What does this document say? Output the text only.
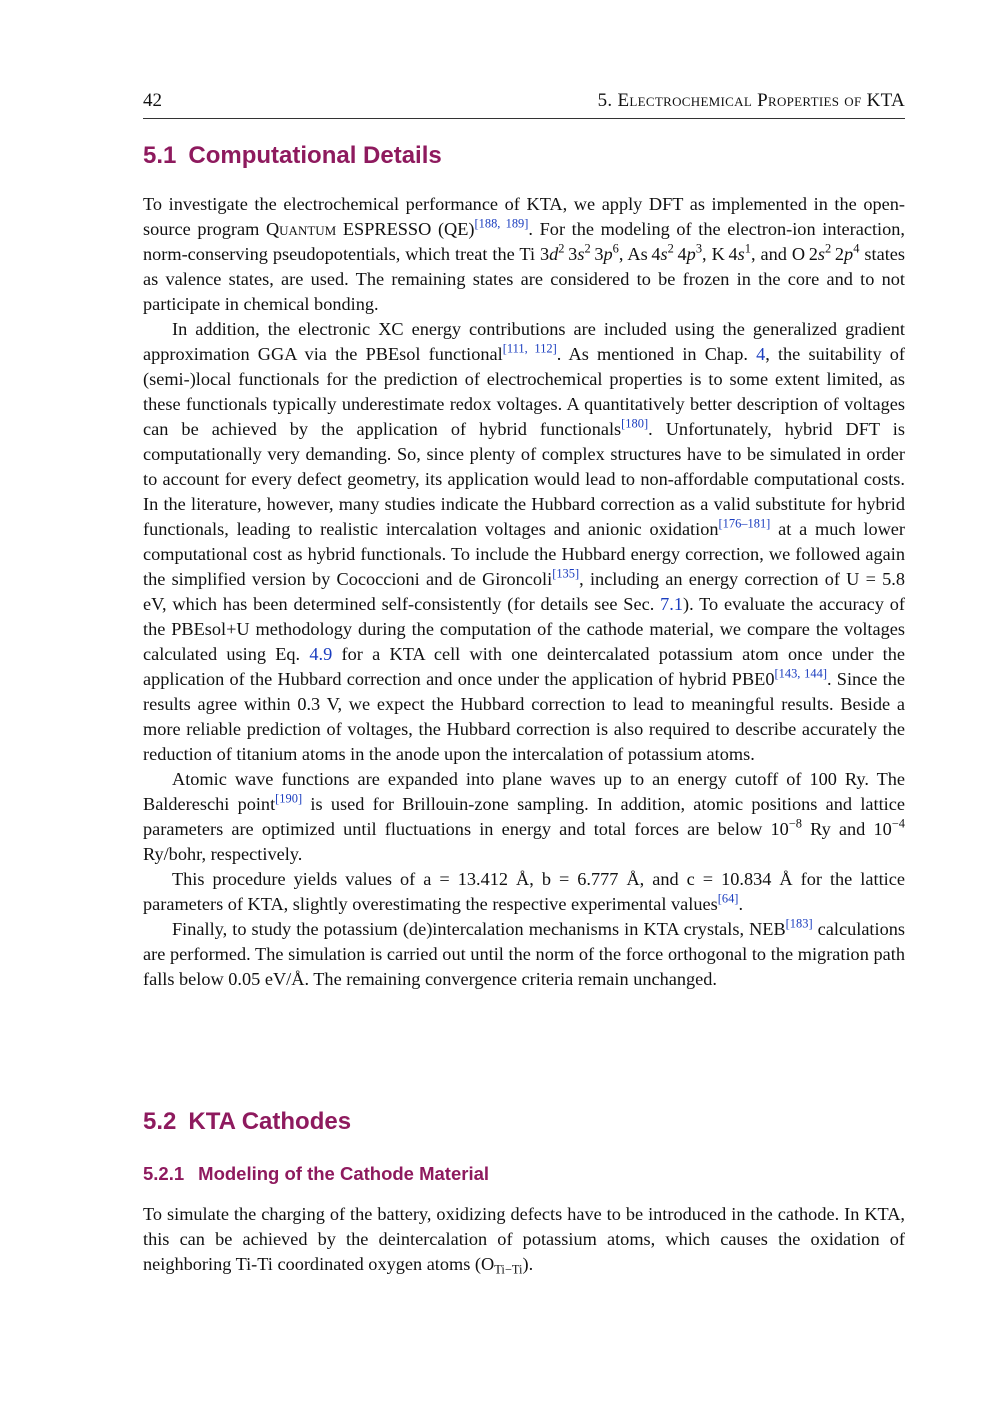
42	5. Electrochemical Properties of KTA
5.1 Computational Details

To investigate the electrochemical performance of KTA, we apply DFT as implemented in the open-source program Quantum ESPRESSO (QE)[188, 189]. For the modeling of the electron-ion interaction, norm-conserving pseudopotentials, which treat the Ti $3d^2$ $3s^2$ $3p^6$, As $4s^2$ $4p^3$, K $4s^1$, and O $2s^2$ $2p^4$ states as valence states, are used. The remaining states are considered to be frozen in the core and to not participate in chemical bonding.

In addition, the electronic XC energy contributions are included using the generalized gradient approximation GGA via the PBEsol functional[111, 112]. As mentioned in Chap. 4, the suitability of (semi-)local functionals for the prediction of electrochemical properties is to some extent limited, as these functionals typically underestimate redox voltages. A quantitatively better description of voltages can be achieved by the application of hybrid functionals[180]. Unfortunately, hybrid DFT is computationally very demanding. So, since plenty of complex structures have to be simulated in order to account for every defect geometry, its application would lead to non-affordable computational costs. In the literature, however, many studies indicate the Hubbard correction as a valid substitute for hybrid functionals, leading to realistic intercalation voltages and anionic oxidation[176–181] at a much lower computational cost as hybrid functionals. To include the Hubbard energy correction, we followed again the simplified version by Cococcioni and de Gironcoli[135], including an energy correction of U = 5.8 eV, which has been determined self-consistently (for details see Sec. 7.1). To evaluate the accuracy of the PBEsol+U methodology during the computation of the cathode material, we compare the voltages calculated using Eq. 4.9 for a KTA cell with one deintercalated potassium atom once under the application of the Hubbard correction and once under the application of hybrid PBE0[143, 144]. Since the results agree within 0.3 V, we expect the Hubbard correction to lead to meaningful results. Beside a more reliable prediction of voltages, the Hubbard correction is also required to describe accurately the reduction of titanium atoms in the anode upon the intercalation of potassium atoms.

Atomic wave functions are expanded into plane waves up to an energy cutoff of 100 Ry. The Baldereschi point[190] is used for Brillouin-zone sampling. In addition, atomic positions and lattice parameters are optimized until fluctuations in energy and total forces are below $10^{-8}$ Ry and $10^{-4}$ Ry/bohr, respectively.

This procedure yields values of a = 13.412 Å, b = 6.777 Å, and c = 10.834 Å for the lattice parameters of KTA, slightly overestimating the respective experimental values[64].

Finally, to study the potassium (de)intercalation mechanisms in KTA crystals, NEB[183] calculations are performed. The simulation is carried out until the norm of the force orthogonal to the migration path falls below 0.05 eV/Å. The remaining convergence criteria remain unchanged.

5.2 KTA Cathodes
5.2.1 Modeling of the Cathode Material

To simulate the charging of the battery, oxidizing defects have to be introduced in the cathode. In KTA, this can be achieved by the deintercalation of potassium atoms, which causes the oxidation of neighboring Ti-Ti coordinated oxygen atoms $(O_{Ti-Ti})$.
